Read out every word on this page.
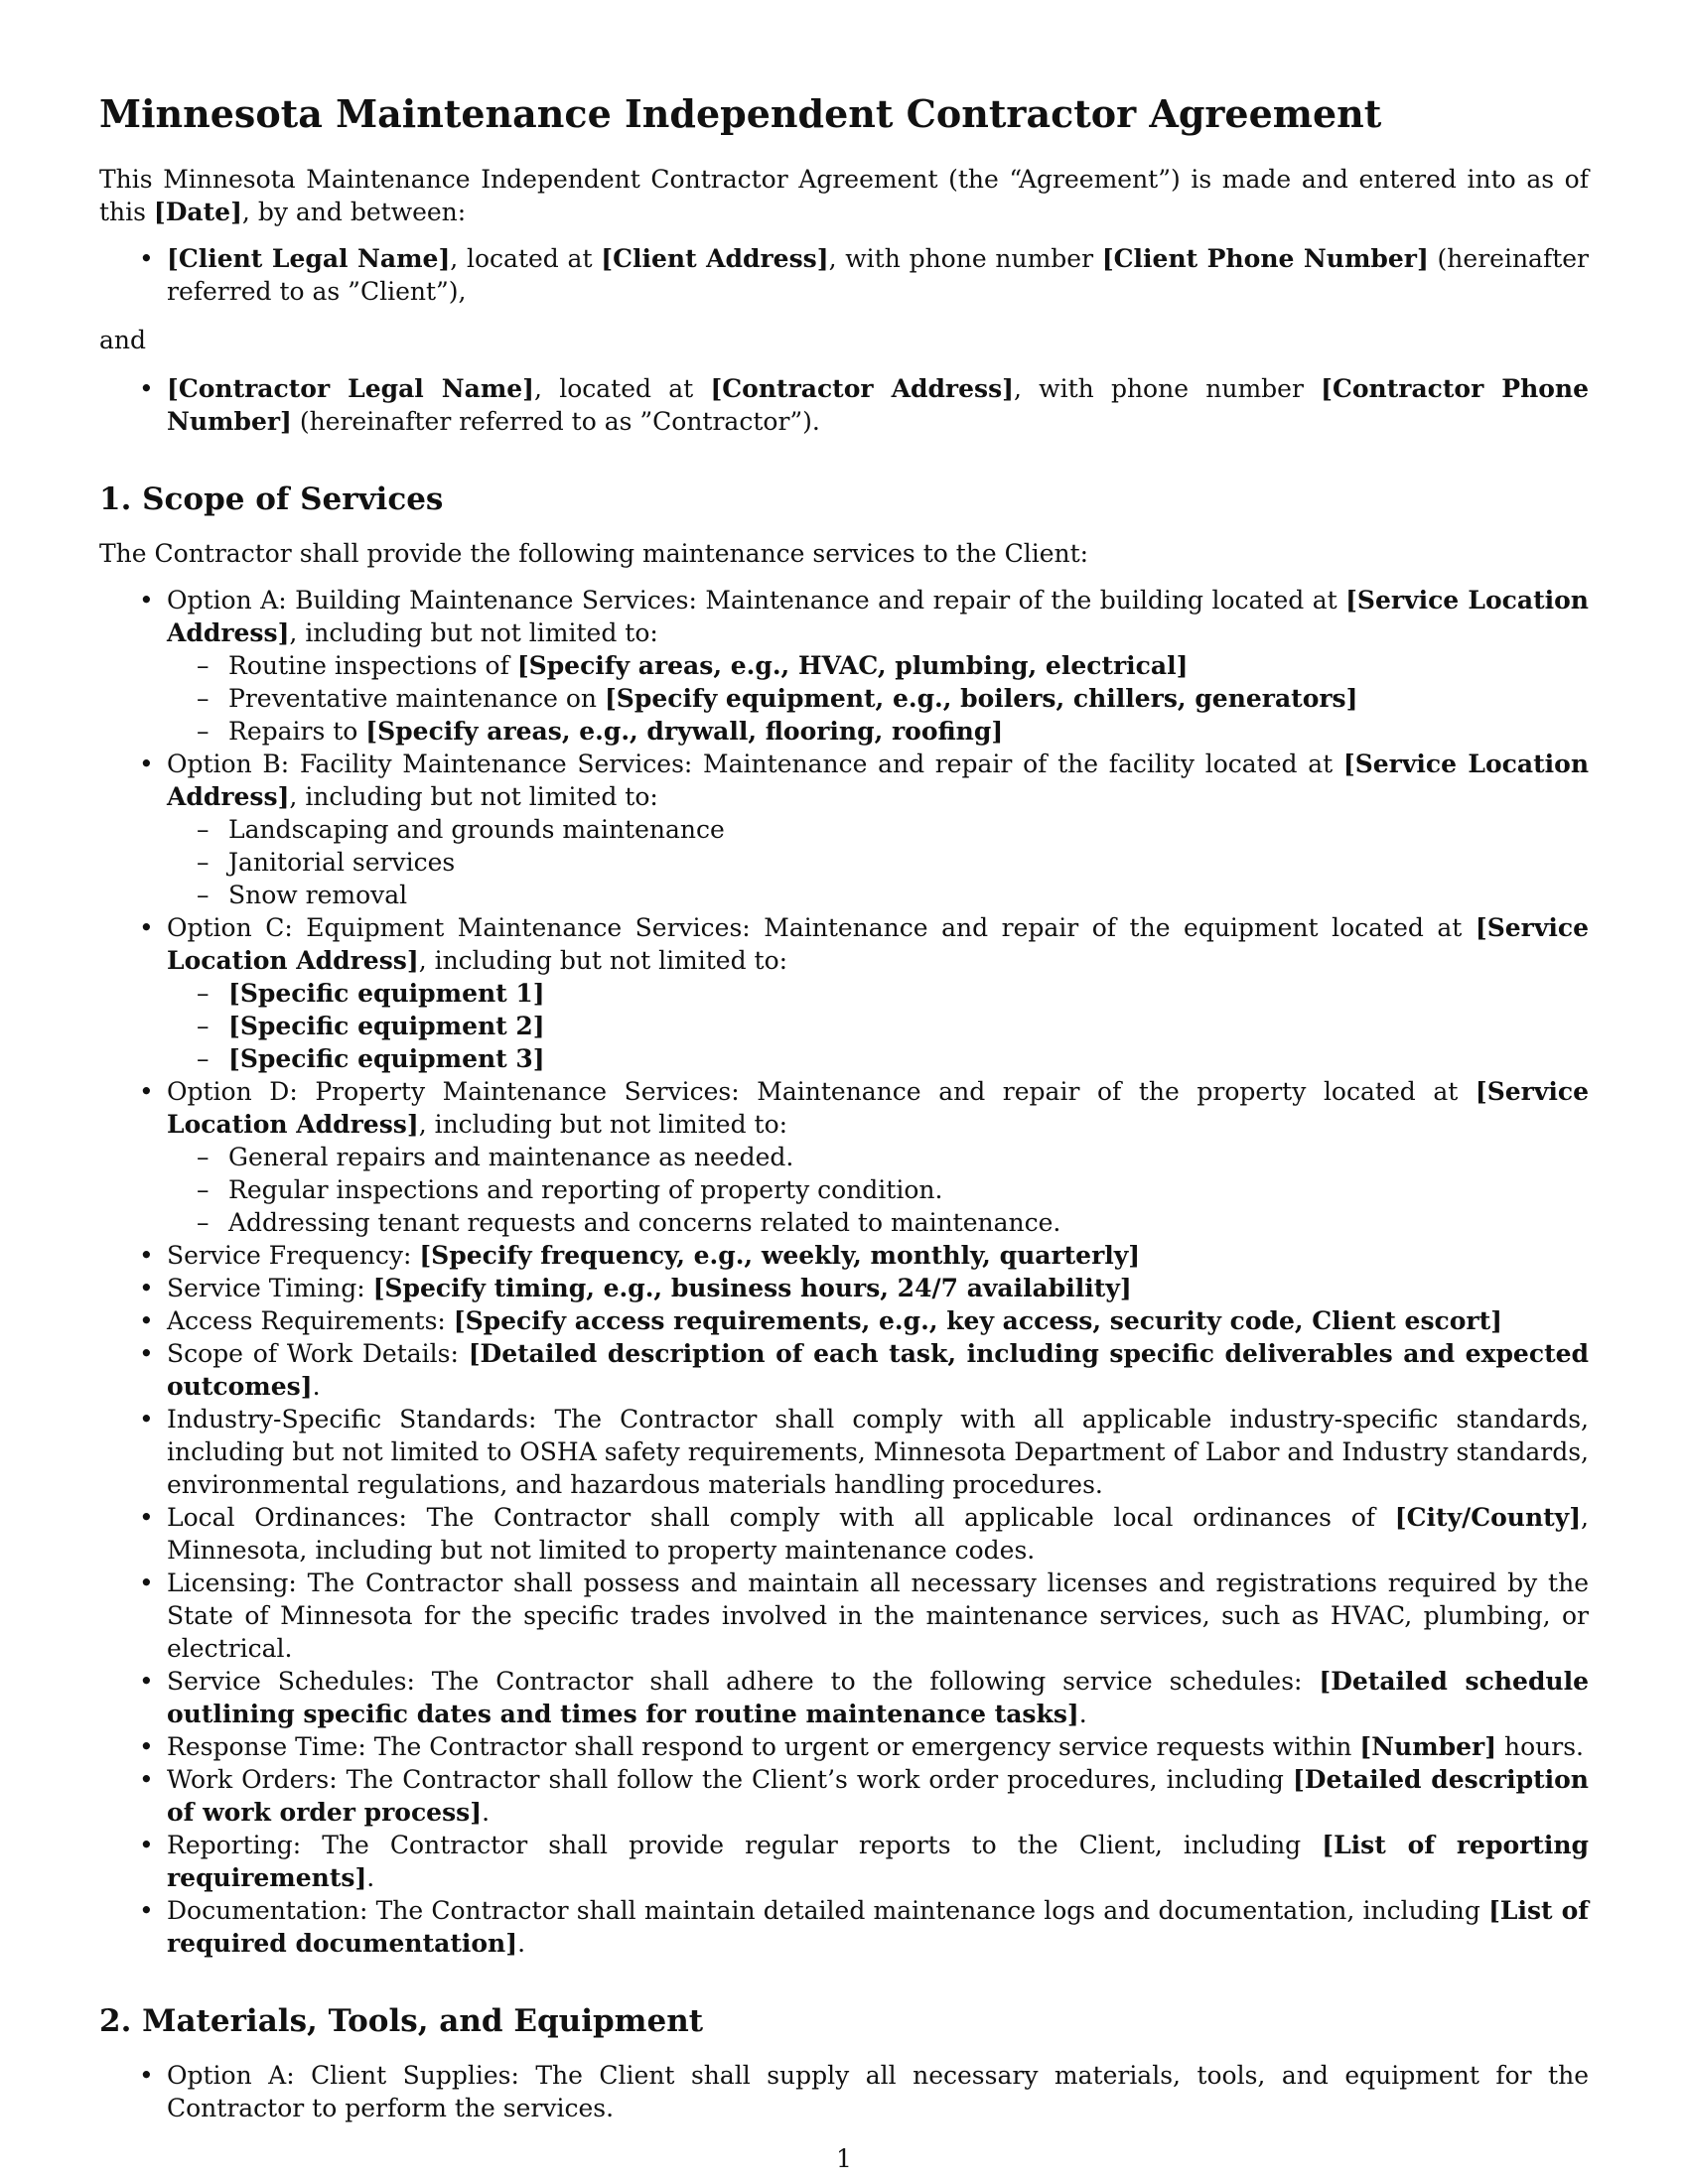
Minnesota Maintenance Independent Contractor Agreement

This Minnesota Maintenance Independent Contractor Agreement (the “Agreement”) is made and entered into as of this [Date], by and between:

• [Client Legal Name], located at [Client Address], with phone number [Client Phone Number] (hereinafter referred to as ”Client”),

and

• [Contractor Legal Name], located at [Contractor Address], with phone number [Contractor Phone Number] (hereinafter referred to as ”Contractor”).
1. Scope of Services

The Contractor shall provide the following maintenance services to the Client:

• Option A: Building Maintenance Services: Maintenance and repair of the building located at [Service Location Address], including but not limited to:
– Routine inspections of [Specify areas, e.g., HVAC, plumbing, electrical]
– Preventative maintenance on [Specify equipment, e.g., boilers, chillers, generators]
– Repairs to [Specify areas, e.g., drywall, flooring, roofing]
• Option B: Facility Maintenance Services: Maintenance and repair of the facility located at [Service Location Address], including but not limited to:
– Landscaping and grounds maintenance
– Janitorial services
– Snow removal
• Option C: Equipment Maintenance Services: Maintenance and repair of the equipment located at [Service Location Address], including but not limited to:
– [Specific equipment 1]
– [Specific equipment 2]
– [Specific equipment 3]
• Option D: Property Maintenance Services: Maintenance and repair of the property located at [Service Location Address], including but not limited to:
– General repairs and maintenance as needed.
– Regular inspections and reporting of property condition.
– Addressing tenant requests and concerns related to maintenance.
• Service Frequency: [Specify frequency, e.g., weekly, monthly, quarterly]
• Service Timing: [Specify timing, e.g., business hours, 24/7 availability]
• Access Requirements: [Specify access requirements, e.g., key access, security code, Client escort]
• Scope of Work Details: [Detailed description of each task, including specific deliverables and expected outcomes].
• Industry-Specific Standards: The Contractor shall comply with all applicable industry-specific standards, including but not limited to OSHA safety requirements, Minnesota Department of Labor and Industry standards, environmental regulations, and hazardous materials handling procedures.
• Local Ordinances: The Contractor shall comply with all applicable local ordinances of [City/County], Minnesota, including but not limited to property maintenance codes.
• Licensing: The Contractor shall possess and maintain all necessary licenses and registrations required by the State of Minnesota for the specific trades involved in the maintenance services, such as HVAC, plumbing, or electrical.
• Service Schedules: The Contractor shall adhere to the following service schedules: [Detailed schedule outlining specific dates and times for routine maintenance tasks].
• Response Time: The Contractor shall respond to urgent or emergency service requests within [Number] hours.
• Work Orders: The Contractor shall follow the Client’s work order procedures, including [Detailed description of work order process].
• Reporting: The Contractor shall provide regular reports to the Client, including [List of reporting requirements].
• Documentation: The Contractor shall maintain detailed maintenance logs and documentation, including [List of required documentation].
2. Materials, Tools, and Equipment
• Option A: Client Supplies: The Client shall supply all necessary materials, tools, and equipment for the Contractor to perform the services.
1
